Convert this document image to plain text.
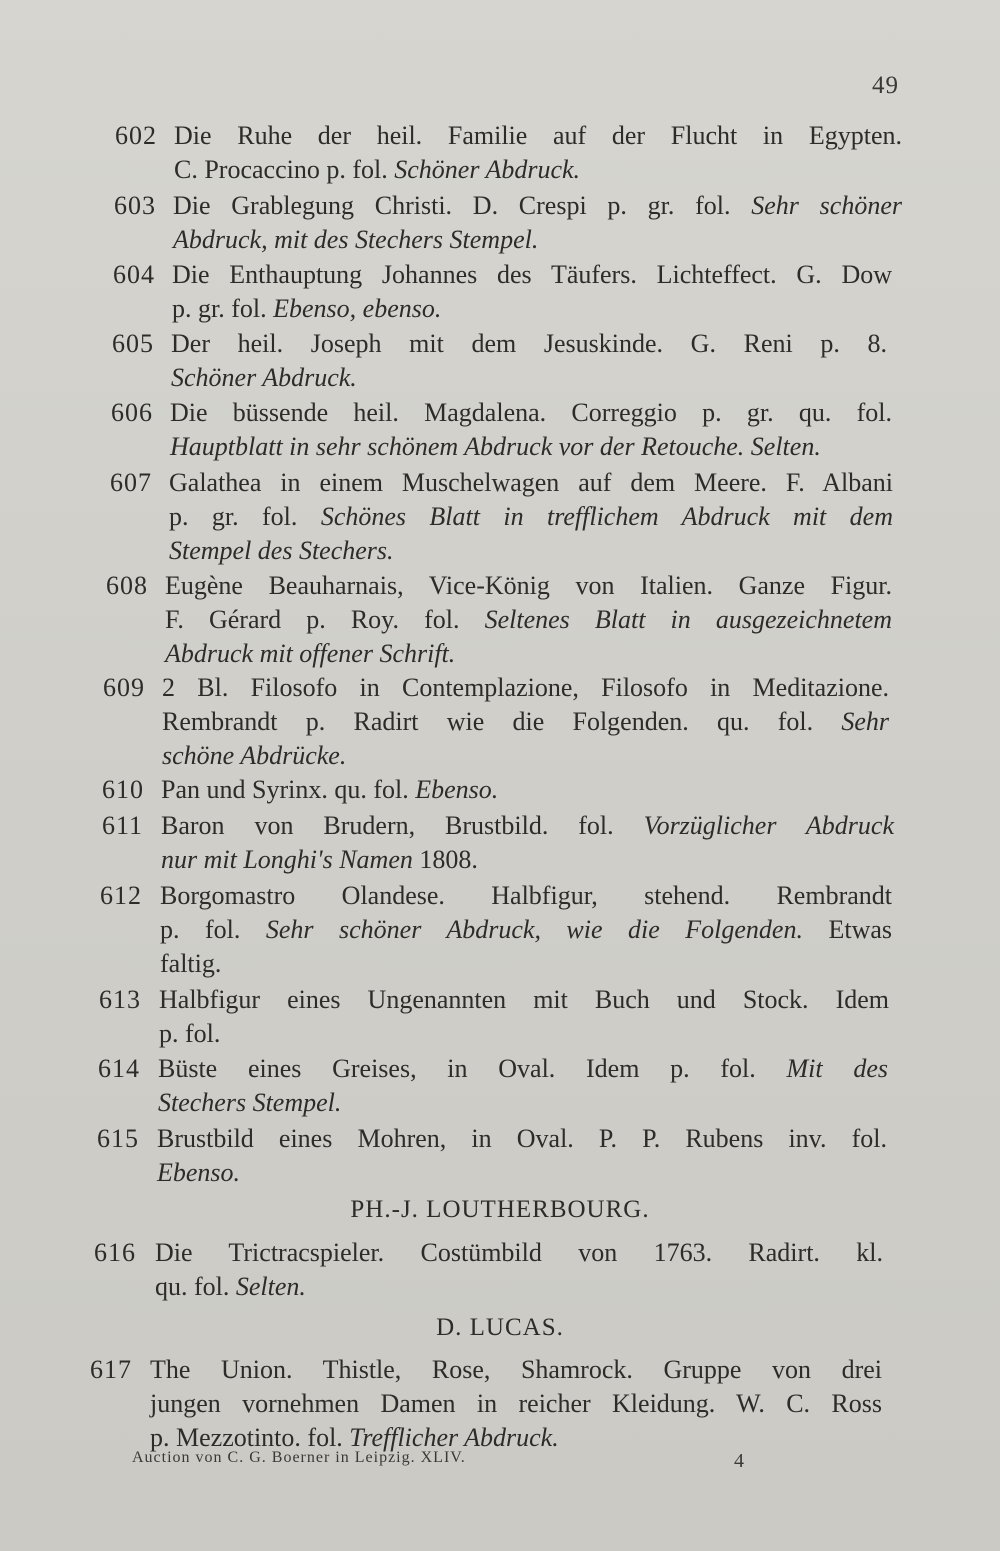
49
602 Die Ruhe der heil. Familie auf der Flucht in Egypten.
C. Procaccino p. fol. Schöner Abdruck.
603 Die Grablegung Christi. D. Crespi p. gr. fol. Sehr schöner
Abdruck, mit des Stechers Stempel.
604 Die Enthauptung Johannes des Täufers. Lichteffect. G. Dow
p. gr. fol. Ebenso, ebenso.
605 Der heil. Joseph mit dem Jesuskinde. G. Reni p. 8.
Schöner Abdruck.
606 Die büssende heil. Magdalena. Correggio p. gr. qu. fol.
Hauptblatt in sehr schönem Abdruck vor der Retouche. Selten.
607 Galathea in einem Muschelwagen auf dem Meere. F. Albani
p. gr. fol. Schönes Blatt in trefflichem Abdruck mit dem
Stempel des Stechers.
608 Eugène Beauharnais, Vice-König von Italien. Ganze Figur.
F. Gérard p. Roy. fol. Seltenes Blatt in ausgezeichnetem
Abdruck mit offener Schrift.
609 2 Bl. Filosofo in Contemplazione, Filosofo in Meditazione.
Rembrandt p. Radirt wie die Folgenden. qu. fol. Sehr
schöne Abdrücke.
610 Pan und Syrinx. qu. fol. Ebenso.
611 Baron von Brudern, Brustbild. fol. Vorzüglicher Abdruck
nur mit Longhi's Namen 1808.
612 Borgomastro Olandese. Halbfigur, stehend. Rembrandt
p. fol. Sehr schöner Abdruck, wie die Folgenden. Etwas
faltig.
613 Halbfigur eines Ungenannten mit Buch und Stock. Idem
p. fol.
614 Büste eines Greises, in Oval. Idem p. fol. Mit des
Stechers Stempel.
615 Brustbild eines Mohren, in Oval. P. P. Rubens inv. fol.
Ebenso.
PH.-J. LOUTHERBOURG.
616 Die Trictracspieler. Costümbild von 1763. Radirt. kl.
qu. fol. Selten.
D. LUCAS.
617 The Union. Thistle, Rose, Shamrock. Gruppe von drei
jungen vornehmen Damen in reicher Kleidung. W. C. Ross
p. Mezzotinto. fol. Trefflicher Abdruck.
Auction von C. G. Boerner in Leipzig. XLIV.	4
